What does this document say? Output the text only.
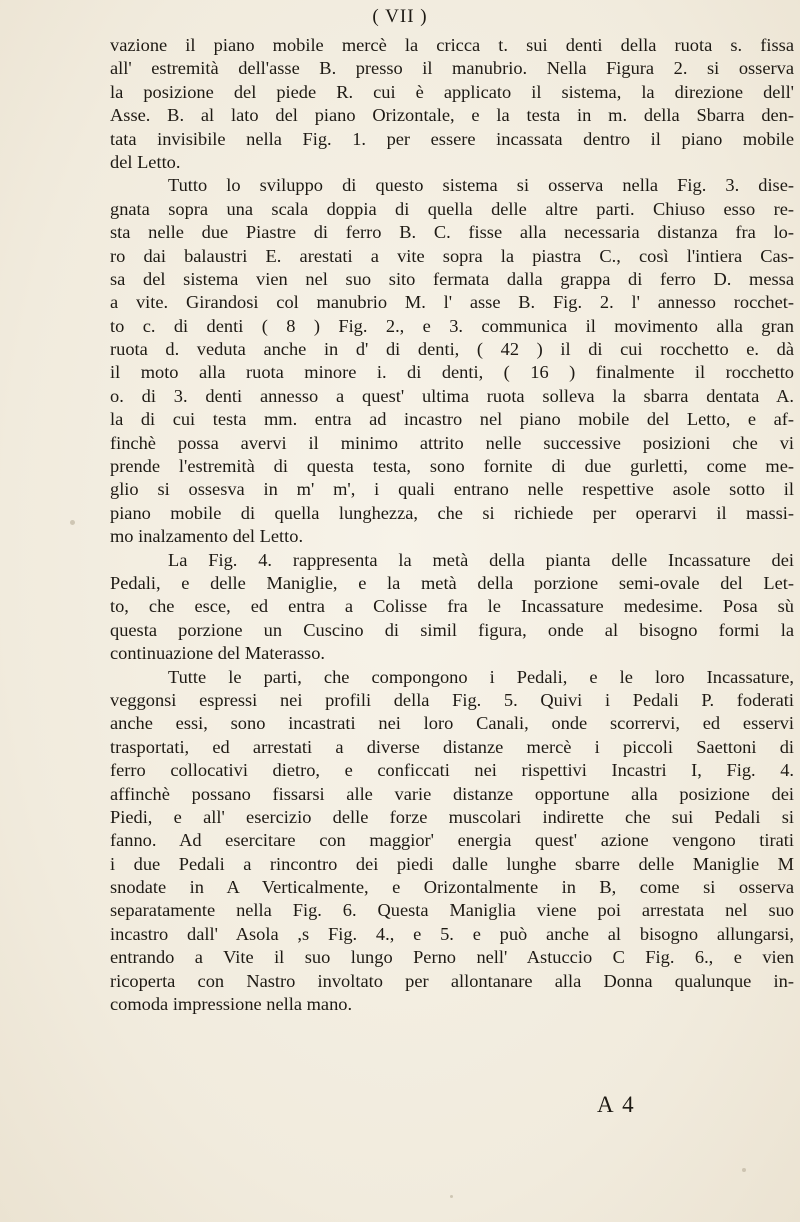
( VII )
vazione il piano mobile mercè la cricca t. sui denti della ruota s. fissa
all' estremità dell'asse B. presso il manubrio. Nella Figura 2. si osserva
la posizione del piede R. cui è applicato il sistema, la direzione dell'
Asse. B. al lato del piano Orizontale, e la testa in m. della Sbarra den-
tata invisibile nella Fig. 1. per essere incassata dentro il piano mobile
del Letto.
Tutto lo sviluppo di questo sistema si osserva nella Fig. 3. dise-
gnata sopra una scala doppia di quella delle altre parti. Chiuso esso re-
sta nelle due Piastre di ferro B. C. fisse alla necessaria distanza fra lo-
ro dai balaustri E. arestati a vite sopra la piastra C., così l'intiera Cas-
sa del sistema vien nel suo sito fermata dalla grappa di ferro D. messa
a vite. Girandosi col manubrio M. l' asse B. Fig. 2. l' annesso rocchet-
to c. di denti ( 8 ) Fig. 2., e 3. communica il movimento alla gran
ruota d. veduta anche in d' di denti, ( 42 ) il di cui rocchetto e. dà
il moto alla ruota minore i. di denti, ( 16 ) finalmente il rocchetto
o. di 3. denti annesso a quest' ultima ruota solleva la sbarra dentata A.
la di cui testa mm. entra ad incastro nel piano mobile del Letto, e af-
finchè possa avervi il minimo attrito nelle successive posizioni che vi
prende l'estremità di questa testa, sono fornite di due gurletti, come me-
glio si ossesva in m' m', i quali entrano nelle respettive asole sotto il
piano mobile di quella lunghezza, che si richiede per operarvi il massi-
mo inalzamento del Letto.
La Fig. 4. rappresenta la metà della pianta delle Incassature dei
Pedali, e delle Maniglie, e la metà della porzione semi-ovale del Let-
to, che esce, ed entra a Colisse fra le Incassature medesime. Posa sù
questa porzione un Cuscino di simil figura, onde al bisogno formi la
continuazione del Materasso.
Tutte le parti, che compongono i Pedali, e le loro Incassature,
veggonsi espressi nei profili della Fig. 5. Quivi i Pedali P. foderati
anche essi, sono incastrati nei loro Canali, onde scorrervi, ed esservi
trasportati, ed arrestati a diverse distanze mercè i piccoli Saettoni di
ferro collocativi dietro, e conficcati nei rispettivi Incastri I, Fig. 4.
affinchè possano fissarsi alle varie distanze opportune alla posizione dei
Piedi, e all' esercizio delle forze muscolari indirette che sui Pedali si
fanno. Ad esercitare con maggior' energia quest' azione vengono tirati
i due Pedali a rincontro dei piedi dalle lunghe sbarre delle Maniglie M
snodate in A Verticalmente, e Orizontalmente in B, come si osserva
separatamente nella Fig. 6. Questa Maniglia viene poi arrestata nel suo
incastro dall' Asola ,s Fig. 4., e 5. e può anche al bisogno allungarsi,
entrando a Vite il suo lungo Perno nell' Astuccio C Fig. 6., e vien
ricoperta con Nastro involtato per allontanare alla Donna qualunque in-
comoda impressione nella mano.
A 4
